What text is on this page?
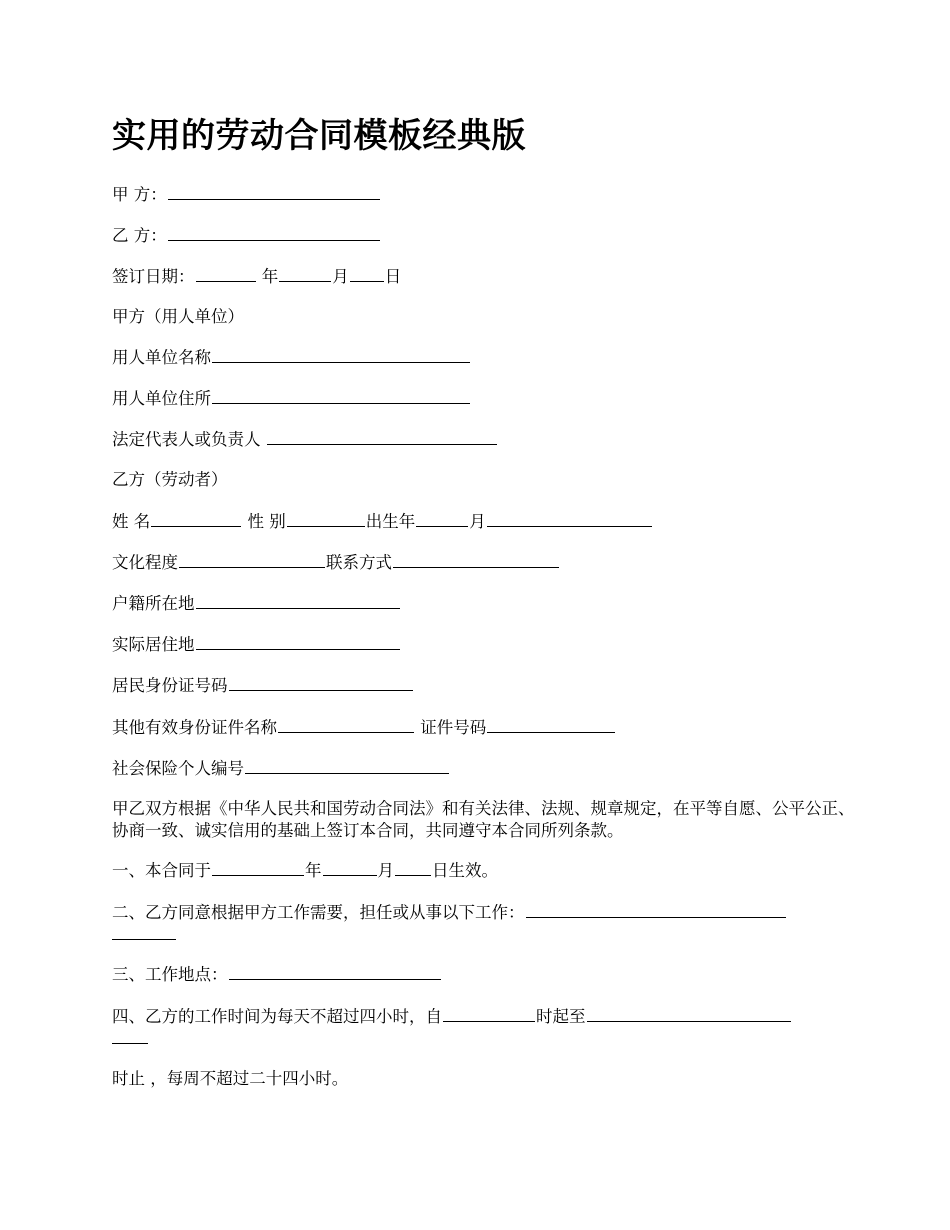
实用的劳动合同模板经典版
甲 方：
乙 方：
签订日期：	年	月 日
甲方（用人单位）
用人单位名称
用人单位住所
法定代表人或负责人
乙方（劳动者）
姓 名	性 别	出生年	月
文化程度	联系方式
户籍所在地
实际居住地
居民身份证号码
其他有效身份证件名称	证件号码
社会保险个人编号
甲乙双方根据《中华人民共和国劳动合同法》和有关法律、法规、规章规定，在平等自愿、公平公正、协商一致、诚实信用的基础上签订本合同，共同遵守本合同所列条款。
一、本合同于	年	月 日生效。
二、乙方同意根据甲方工作需要，担任或从事以下工作：
三、工作地点：
四、乙方的工作时间为每天不超过四小时，自	时起至
时止 ，每周不超过二十四小时。
